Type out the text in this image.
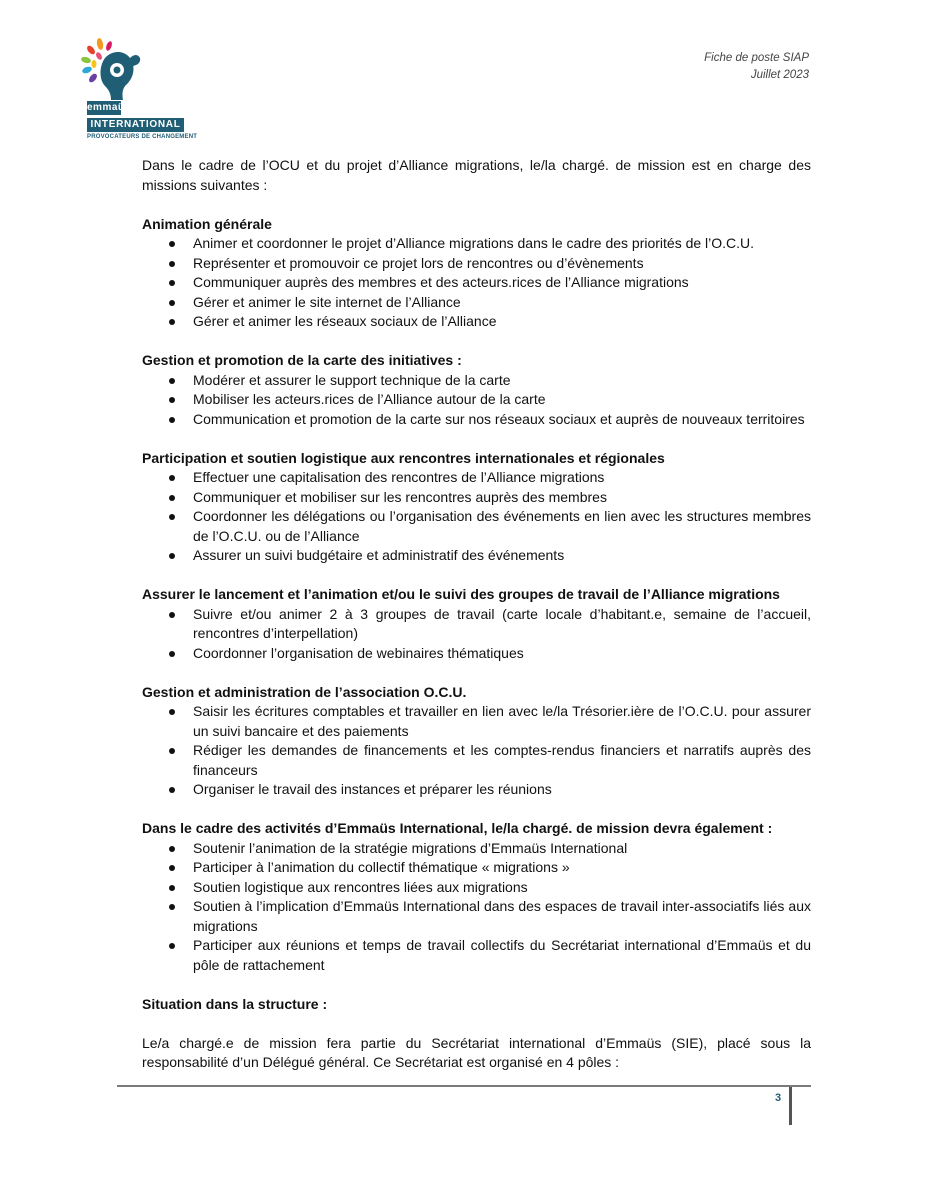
emmaüs
INTERNATIONAL
PROVOCATEURS DE CHANGEMENT
Fiche de poste SIAP
Juillet 2023

Dans le cadre de l’OCU et du projet d’Alliance migrations, le/la chargé. de mission est en charge des missions suivantes :

Animation générale

Animer et coordonner le projet d’Alliance migrations dans le cadre des priorités de l’O.C.U.
Représenter et promouvoir ce projet lors de rencontres ou d’évènements
Communiquer auprès des membres et des acteurs.rices de l’Alliance migrations
Gérer et animer le site internet de l’Alliance
Gérer et animer les réseaux sociaux de l’Alliance

Gestion et promotion de la carte des initiatives :

Modérer et assurer le support technique de la carte
Mobiliser les acteurs.rices de l’Alliance autour de la carte
Communication et promotion de la carte sur nos réseaux sociaux et auprès de nouveaux territoires

Participation et soutien logistique aux rencontres internationales et régionales

Effectuer une capitalisation des rencontres de l’Alliance migrations
Communiquer et mobiliser sur les rencontres auprès des membres
Coordonner les délégations ou l’organisation des événements en lien avec les structures membres de l’O.C.U. ou de l’Alliance
Assurer un suivi budgétaire et administratif des événements

Assurer le lancement et l’animation et/ou le suivi des groupes de travail de l’Alliance migrations

Suivre et/ou animer 2 à 3 groupes de travail (carte locale d’habitant.e, semaine de l’accueil, rencontres d’interpellation)
Coordonner l’organisation de webinaires thématiques

Gestion et administration de l’association O.C.U.

Saisir les écritures comptables et travailler en lien avec le/la Trésorier.ière de l’O.C.U. pour assurer un suivi bancaire et des paiements
Rédiger les demandes de financements et les comptes-rendus financiers et narratifs auprès des financeurs
Organiser le travail des instances et préparer les réunions

Dans le cadre des activités d’Emmaüs International, le/la chargé. de mission devra également :

Soutenir l’animation de la stratégie migrations d’Emmaüs International
Participer à l’animation du collectif thématique « migrations »
Soutien logistique aux rencontres liées aux migrations
Soutien à l’implication d’Emmaüs International dans des espaces de travail inter-associatifs liés aux migrations
Participer aux réunions et temps de travail collectifs du Secrétariat international d’Emmaüs et du pôle de rattachement

Situation dans la structure :

Le/a chargé.e de mission fera partie du Secrétariat international d’Emmaüs (SIE), placé sous la responsabilité d’un Délégué général. Ce Secrétariat est organisé en 4 pôles :

3
